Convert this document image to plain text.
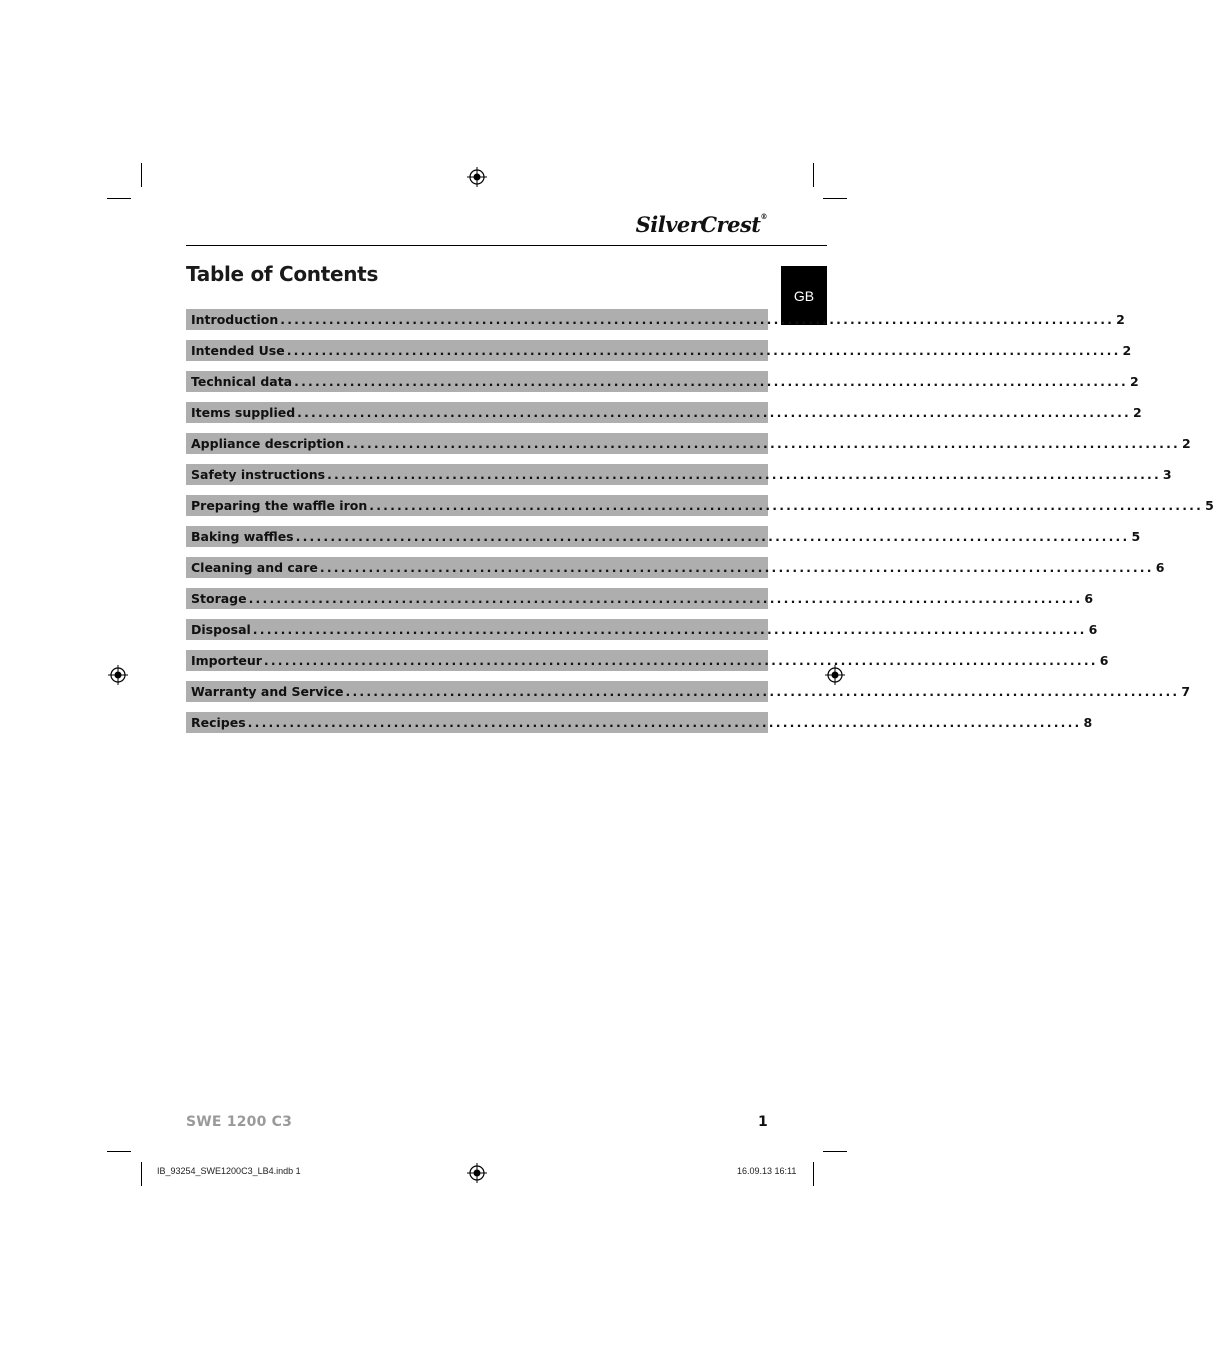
SilverCrest®
Table of Contents
GB
Introduction ........................................................................................................................ 2
Intended Use ........................................................................................................................ 2
Technical data ........................................................................................................................ 2
Items supplied ........................................................................................................................ 2
Appliance description ........................................................................................................................ 2
Safety instructions ........................................................................................................................ 3
Preparing the waffle iron ........................................................................................................................ 5
Baking waffles ........................................................................................................................ 5
Cleaning and care ........................................................................................................................ 6
Storage ........................................................................................................................ 6
Disposal ........................................................................................................................ 6
Importeur ........................................................................................................................ 6
Warranty and Service ........................................................................................................................ 7
Recipes ........................................................................................................................ 8
SWE 1200 C3	1
IB_93254_SWE1200C3_LB4.indb 1	16.09.13 16:11
